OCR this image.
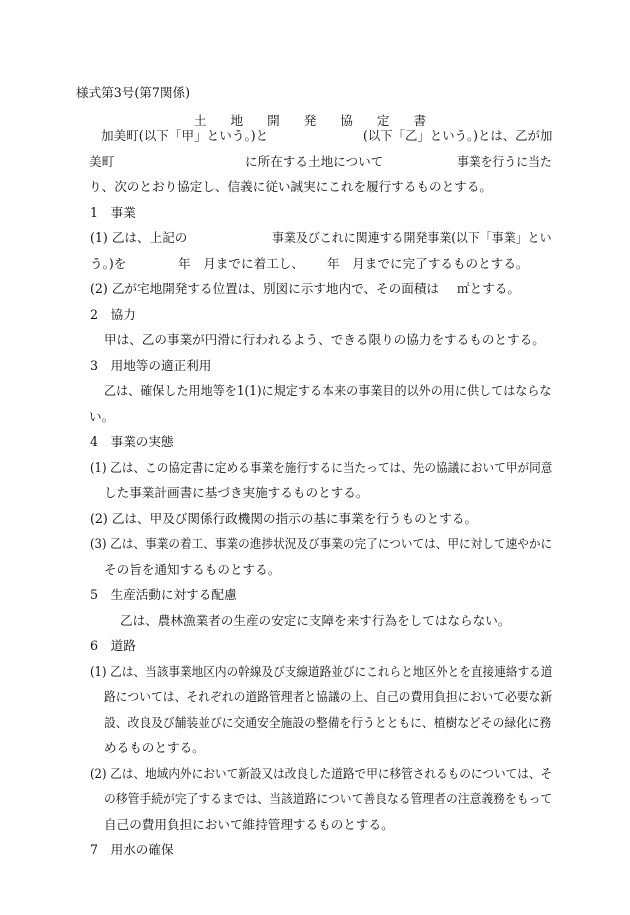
様式第3号(第7関係)
土 地 開 発 協 定 書
加美町(以下「甲」という。)と	(以下「乙」という。)とは、乙が加
美町	に所在する土地について	事業を行うに当た
り、次のとおり協定し、信義に従い誠実にこれを履行するものとする。
1　事業
(1) 乙は、上記の	事業及びこれに関連する開発事業(以下「事業」とい
う。)を	年　月までに着工し、 年　月までに完了するものとする。
(2) 乙が宅地開発する位置は、別図に示す地内で、その面積は ㎡とする。
2　協力
甲は、乙の事業が円滑に行われるよう、できる限りの協力をするものとする。
3　用地等の適正利用
乙は、確保した用地等を1(1)に規定する本来の事業目的以外の用に供してはならな
い。
4　事業の実態
(1) 乙は、この協定書に定める事業を施行するに当たっては、先の協議において甲が同意
した事業計画書に基づき実施するものとする。
(2) 乙は、甲及び関係行政機関の指示の基に事業を行うものとする。
(3) 乙は、事業の着工、事業の進捗状況及び事業の完了については、甲に対して速やかに
その旨を通知するものとする。
5　生産活動に対する配慮
乙は、農林漁業者の生産の安定に支障を来す行為をしてはならない。
6　道路
(1) 乙は、当該事業地区内の幹線及び支線道路並びにこれらと地区外とを直接連絡する道
路については、それぞれの道路管理者と協議の上、自己の費用負担において必要な新
設、改良及び舗装並びに交通安全施設の整備を行うとともに、植樹などその緑化に務
めるものとする。
(2) 乙は、地域内外において新設又は改良した道路で甲に移管されるものについては、そ
の移管手続が完了するまでは、当該道路について善良なる管理者の注意義務をもって
自己の費用負担において維持管理するものとする。
7　用水の確保
